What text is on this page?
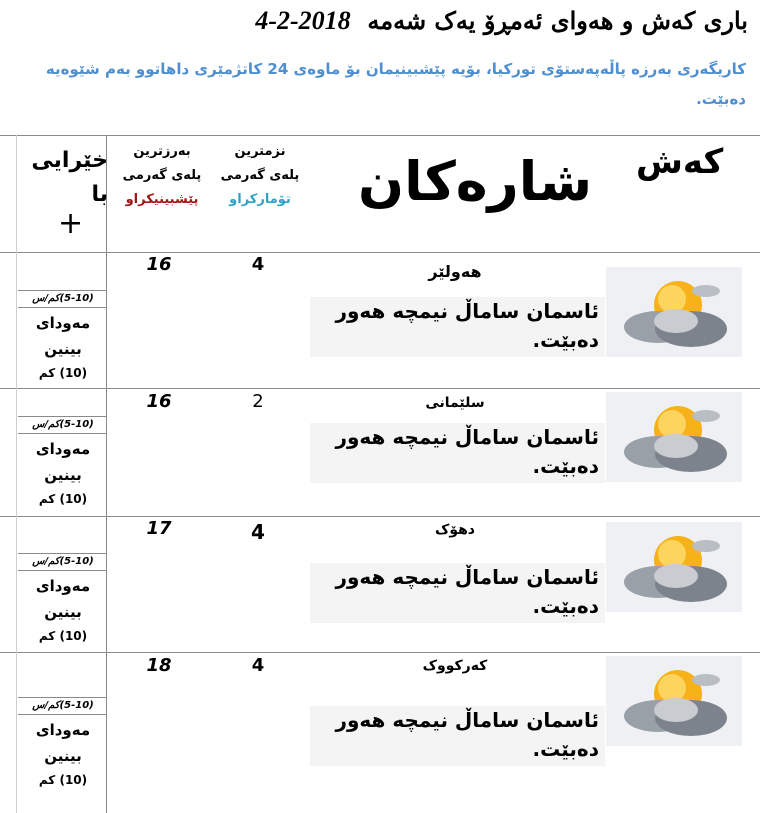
باری کەش و هەوای ئەمڕۆ یەک شەمە  2018-2-4
کاریگەری بەرزە پاڵەپەستۆی تورکیا، بۆیە پێشبینیمان بۆ ماوەی 24 کاتژمێری داهاتوو بەم شێوەیە دەبێت.
کەش
شارەکان
نزمترین
پلەی گەرمی
تۆمارکراو
بەرزترین
پلەی گەرمی
پێشبینیکراو
خێرایی
با
+
هەولێر
ئاسمان ساماڵ نیمچە هەور دەبێت.
4
16
(5-10)کم/س
مەودای
بینین
(10) کم
سلێمانی
ئاسمان ساماڵ نیمچە هەور دەبێت.
2
16
(5-10)کم/س
مەودای
بینین
(10) کم
دهۆک
ئاسمان ساماڵ نیمچە هەور دەبێت.
4
17
(5-10)کم/س
مەودای
بینین
(10) کم
کەرکووک
ئاسمان ساماڵ نیمچە هەور دەبێت.
4
18
(5-10)کم/س
مەودای
بینین
(10) کم
